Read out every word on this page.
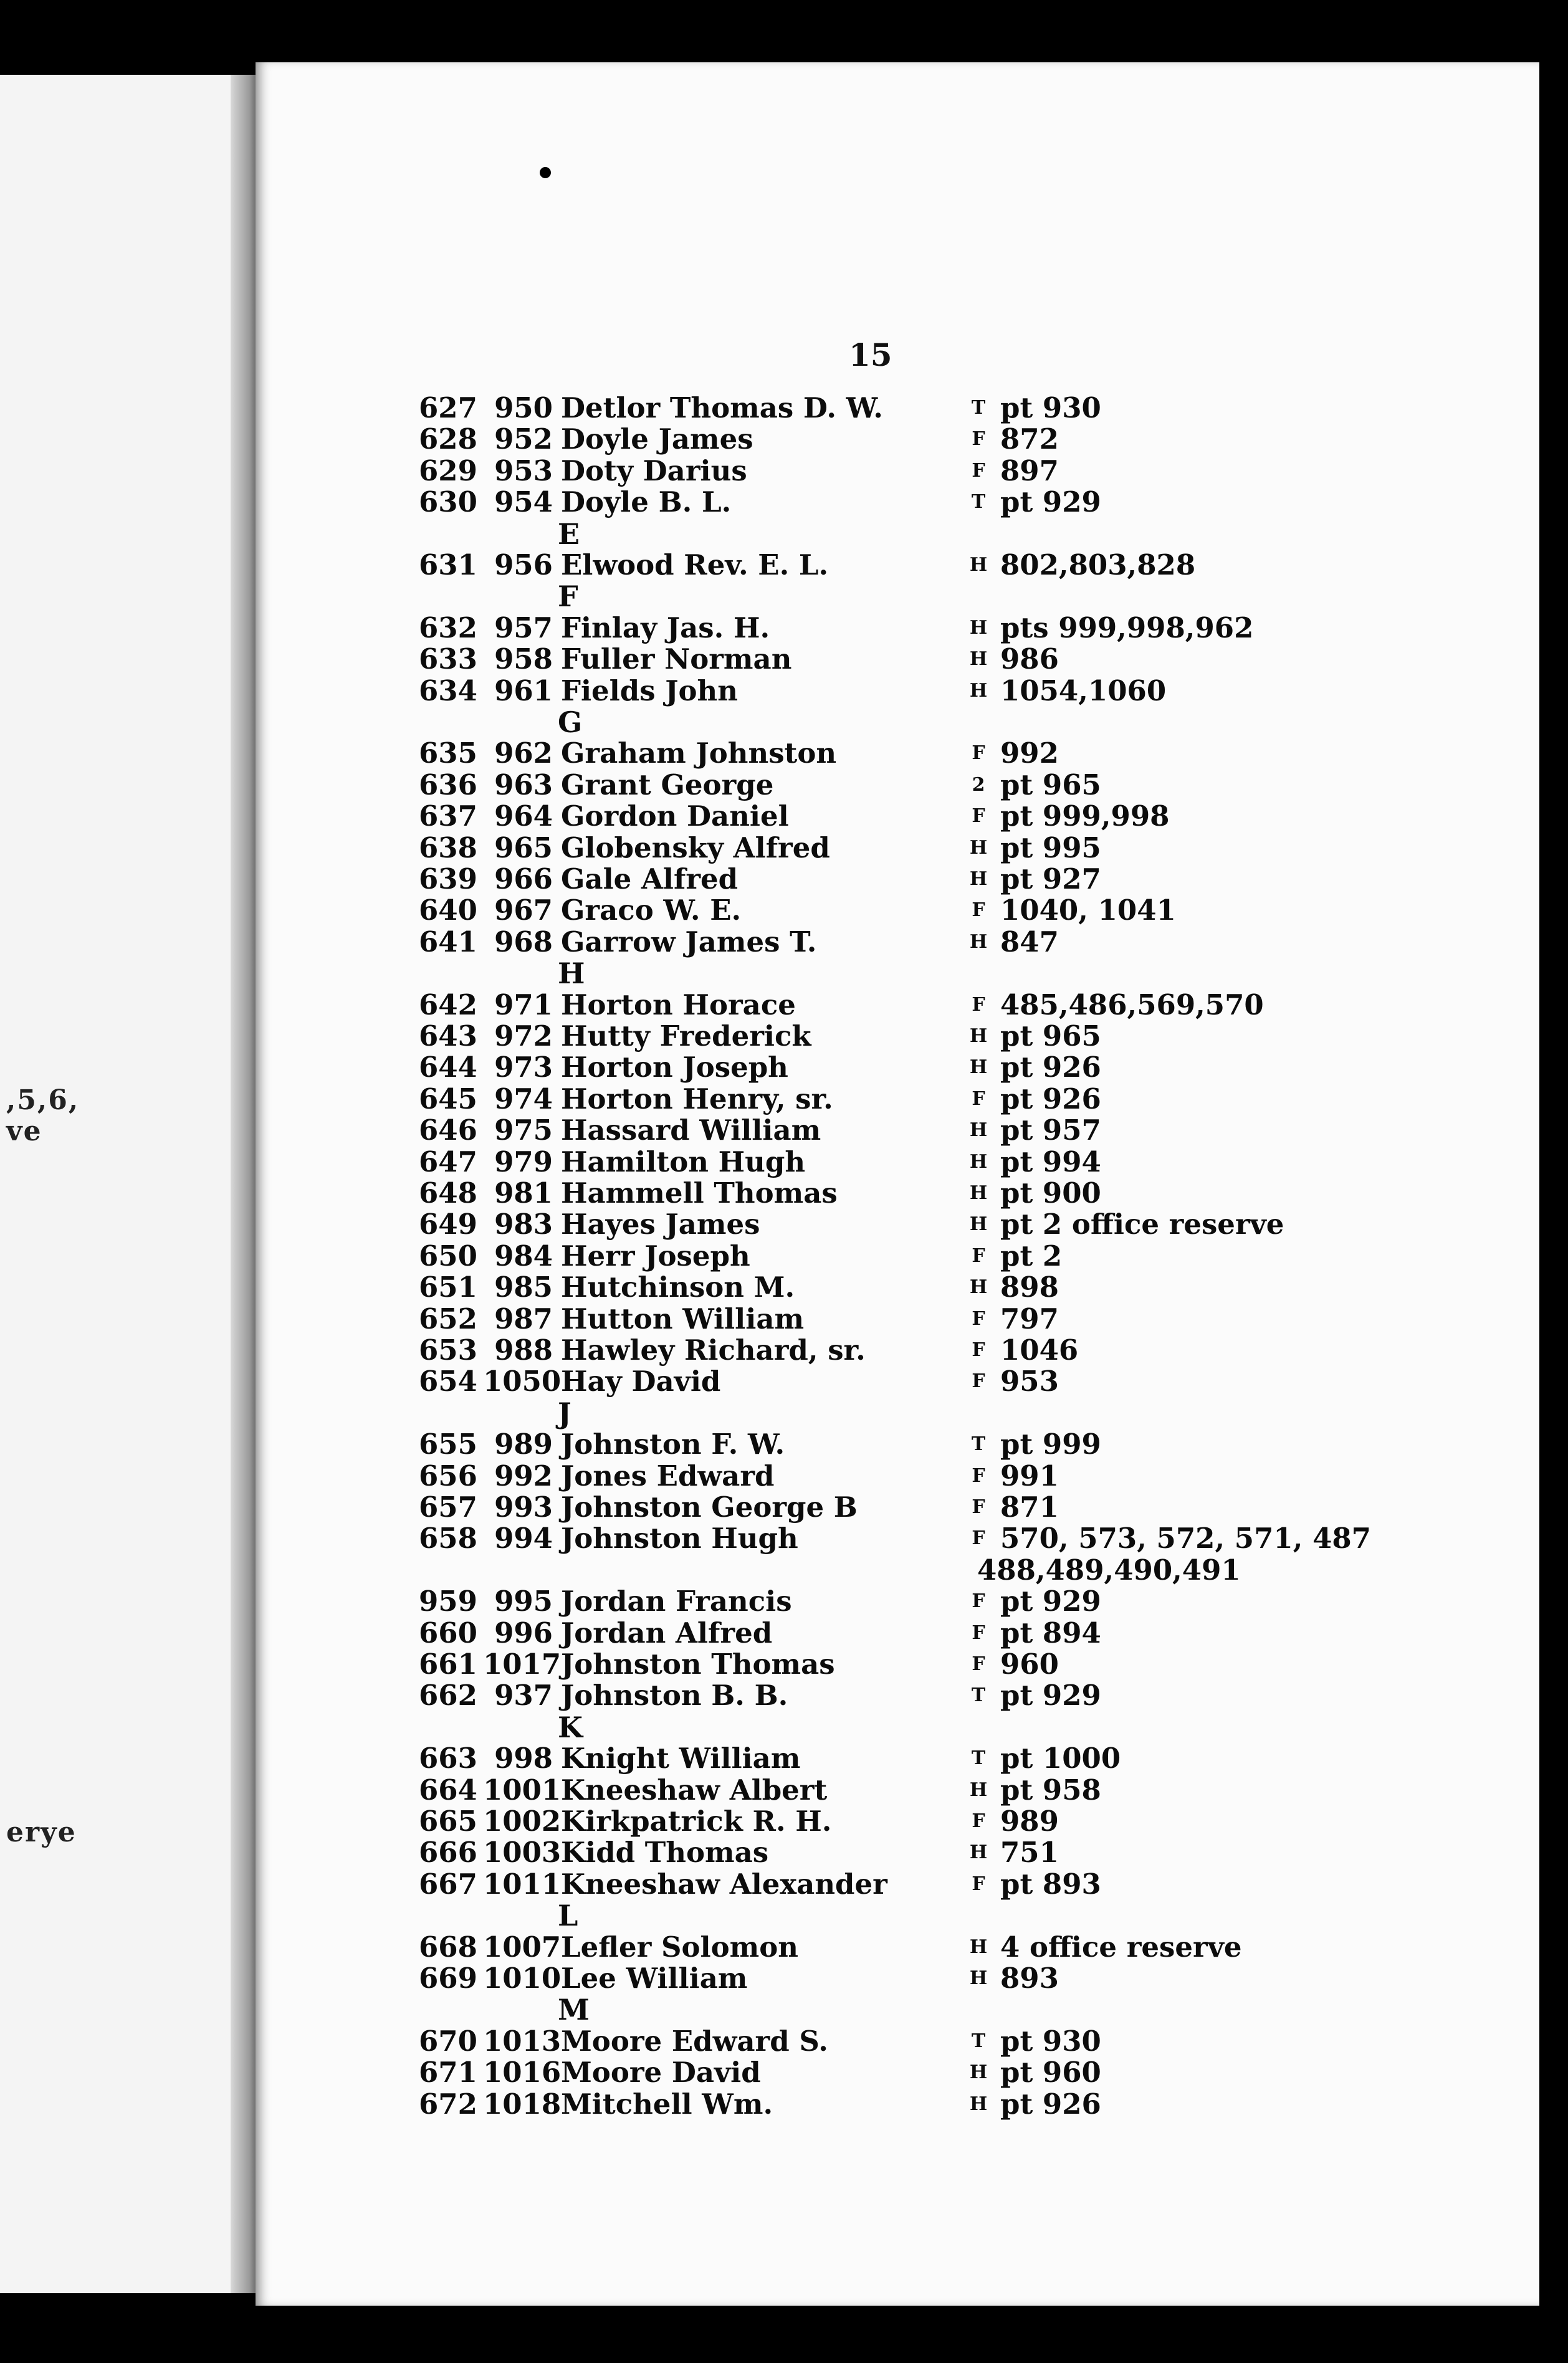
,5,6,
ve
erye
15
627 950 Detlor Thomas D. W.	T pt 930
628 952 Doyle James	F 872
629 953 Doty Darius	F 897
630 954 Doyle B. L.	T pt 929
E
631 956 Elwood Rev. E. L.	H 802,803,828
F
632 957 Finlay Jas. H.	H pts 999,998,962
633 958 Fuller Norman	H 986
634 961 Fields John	H 1054,1060
G
635 962 Graham Johnston	F 992
636 963 Grant George	2 pt 965
637 964 Gordon Daniel	F pt 999,998
638 965 Globensky Alfred	H pt 995
639 966 Gale Alfred	H pt 927
640 967 Graco W. E.	F 1040, 1041
641 968 Garrow James T.	H 847
H
642 971 Horton Horace	F 485,486,569,570
643 972 Hutty Frederick	H pt 965
644 973 Horton Joseph	H pt 926
645 974 Horton Henry, sr.	F pt 926
646 975 Hassard William	H pt 957
647 979 Hamilton Hugh	H pt 994
648 981 Hammell Thomas	H pt 900
649 983 Hayes James	H pt 2 office reserve
650 984 Herr Joseph	F pt 2
651 985 Hutchinson M.	H 898
652 987 Hutton William	F 797
653 988 Hawley Richard, sr.	F 1046
654 1050 Hay David	F 953
J
655 989 Johnston F. W.	T pt 999
656 992 Jones Edward	F 991
657 993 Johnston George B	F 871
658 994 Johnston Hugh	F 570, 573, 572, 571, 487
488,489,490,491
959 995 Jordan Francis	F pt 929
660 996 Jordan Alfred	F pt 894
661 1017 Johnston Thomas	F 960
662 937 Johnston B. B.	T pt 929
K
663 998 Knight William	T pt 1000
664 1001 Kneeshaw Albert	H pt 958
665 1002 Kirkpatrick R. H.	F 989
666 1003 Kidd Thomas	H 751
667 1011 Kneeshaw Alexander	F pt 893
L
668 1007 Lefler Solomon	H 4 office reserve
669 1010 Lee William	H 893
M
670 1013 Moore Edward S.	T pt 930
671 1016 Moore David	H pt 960
672 1018 Mitchell Wm.	H pt 926
